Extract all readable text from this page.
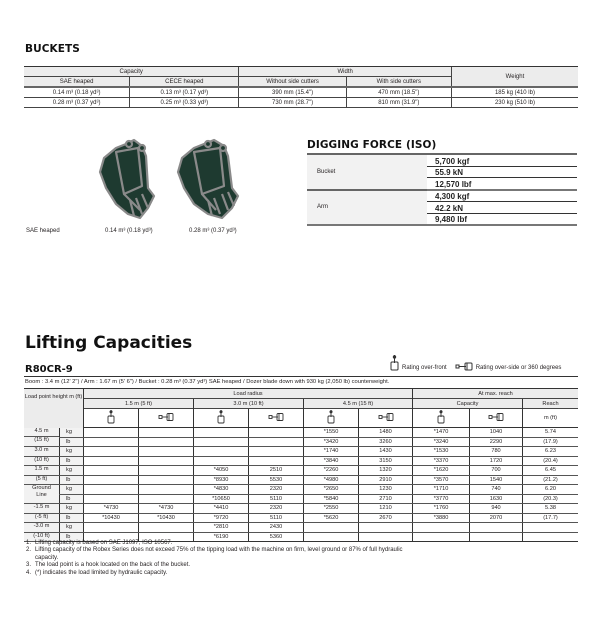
BUCKETS
Capacity		Width		Weight
SAE heaped	CECE heaped	Without side cutters	With side cutters	
0.14 m³ (0.18 yd³)	0.13 m³ (0.17 yd³)	390 mm (15.4")	470 mm (18.5")	185 kg (410 lb)
0.28 m³ (0.37 yd³)	0.25 m³ (0.33 yd³)	730 mm (28.7")	810 mm (31.9")	230 kg (510 lb)
SAE heaped	0.14 m³ (0.18 yd³)	0.28 m³ (0.37 yd³)
DIGGING FORCE (ISO)
Bucket	5,700 kgf
	55.9 kN
	12,570 lbf
Arm	4,300 kgf
	42.2 kN
	9,480 lbf
Lifting Capacities
R80CR-9	Rating over-front	Rating over-side or 360 degrees
Boom : 3.4 m (12' 2") / Arm : 1.67 m (5' 6") / Bucket : 0.28 m³ (0.37 yd³) SAE heaped / Dozer blade down with 930 kg (2,050 lb) counterweight.
Load point height m (ft)		Load radius						At max. reach		
		1.5 m (5 ft)		3.0 m (10 ft)		4.5 m (15 ft)		Capacity		Reach
								m (ft)

4.5 m
(15 ft)	kg					*1550	1480	*1470	1040	5.74
	lb					*3420	3260	*3240	2290	(17.9)

3.0 m
(10 ft)	kg					*1740	1430	*1530	780	6.23
	lb					*3840	3150	*3370	1720	(20.4)

1.5 m
(5 ft)	kg			*4050	2510	*2260	1320	*1620	700	6.45
	lb			*8930	5530	*4980	2910	*3570	1540	(21.2)

Ground
Line	kg			*4830	2320	*2650	1230	*1710	740	6.20
	lb			*10650	5110	*5840	2710	*3770	1630	(20.3)

-1.5 m
(-5 ft)	kg	*4730	*4730	*4410	2320	*2550	1210	*1760	940	5.38
	lb	*10430	*10430	*9720	5110	*5620	2670	*3880	2070	(17.7)

-3.0 m
(-10 ft)	kg			*2810	2430					
	lb			*6190	5360					
1. Lifting capacity is based on SAE J1097, ISO 10567.
2. Lifting capacity of the Robex Series does not exceed 75% of the tipping load with the machine on firm, level ground or 87% of full hydraulic capacity.
3. The load point is a hook located on the back of the bucket.
4. (*) indicates the load limited by hydraulic capacity.
